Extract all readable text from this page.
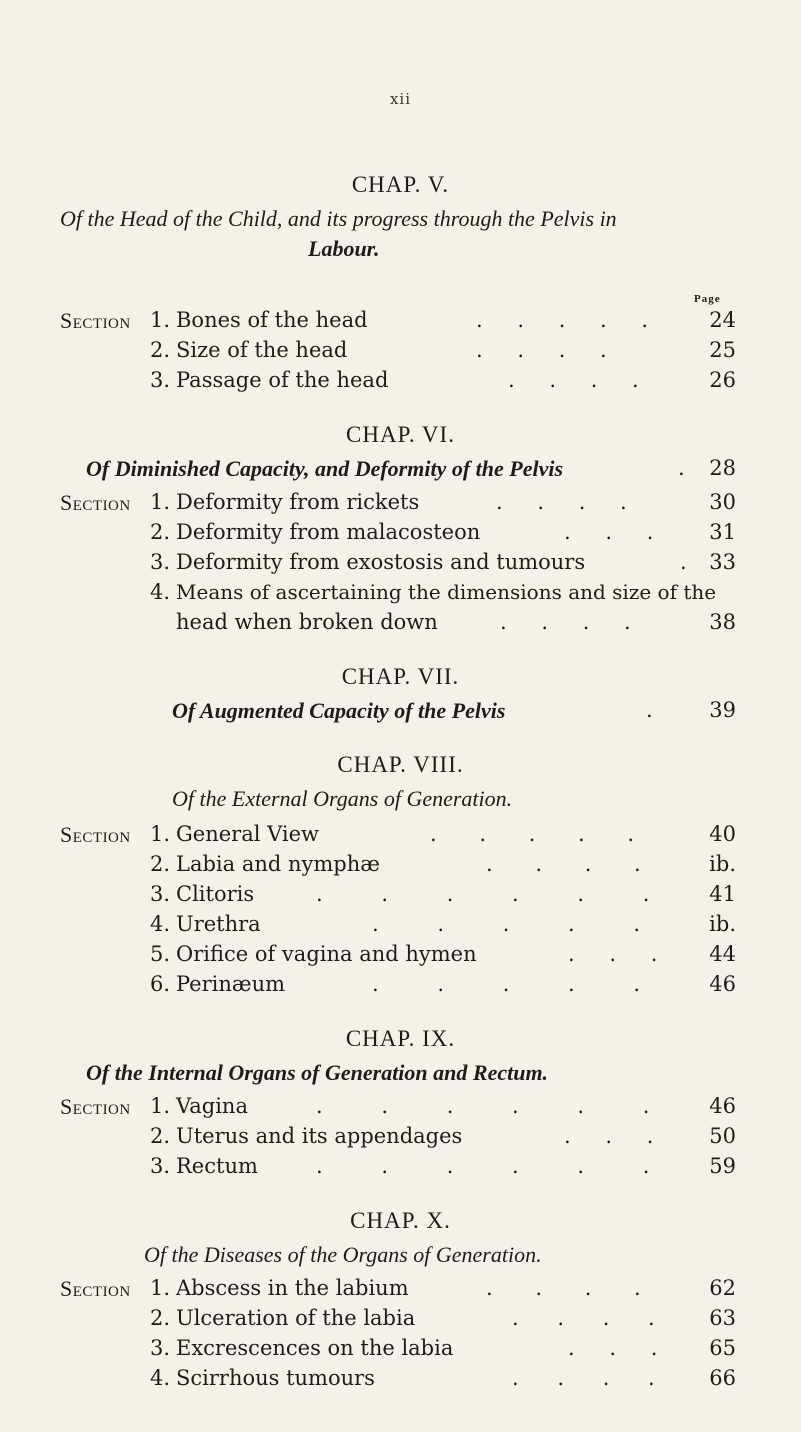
xii
CHAP. V.
Of the Head of the Child, and its progress through the Pelvis in
Labour.
Page
Section 1. Bones of the head	. . . . .	24
2. Size of the head	. . . .	25
3. Passage of the head	. . . .	26
CHAP. VI.
Of Diminished Capacity, and Deformity of the Pelvis	.	28
Section 1. Deformity from rickets	. . . .	30
2. Deformity from malacosteon	. . .	31
3. Deformity from exostosis and tumours	.	33
4. Means of ascertaining the dimensions and size of the
head when broken down	. . . .	38
CHAP. VII.
Of Augmented Capacity of the Pelvis	.	39
CHAP. VIII.
Of the External Organs of Generation.
Section 1. General View	. . . . .	40
2. Labia and nymphæ	. . . .	ib.
3. Clitoris	. . . . . .	41
4. Urethra	. . . . .	ib.
5. Orifice of vagina and hymen	. . .	44
6. Perinæum	. . . . .	46
CHAP. IX.
Of the Internal Organs of Generation and Rectum.
Section 1. Vagina	. . . . . .	46
2. Uterus and its appendages	. . .	50
3. Rectum	. . . . . .	59
CHAP. X.
Of the Diseases of the Organs of Generation.
Section 1. Abscess in the labium	. . . .	62
2. Ulceration of the labia	. . . .	63
3. Excrescences on the labia	. . .	65
4. Scirrhous tumours	. . . .	66
